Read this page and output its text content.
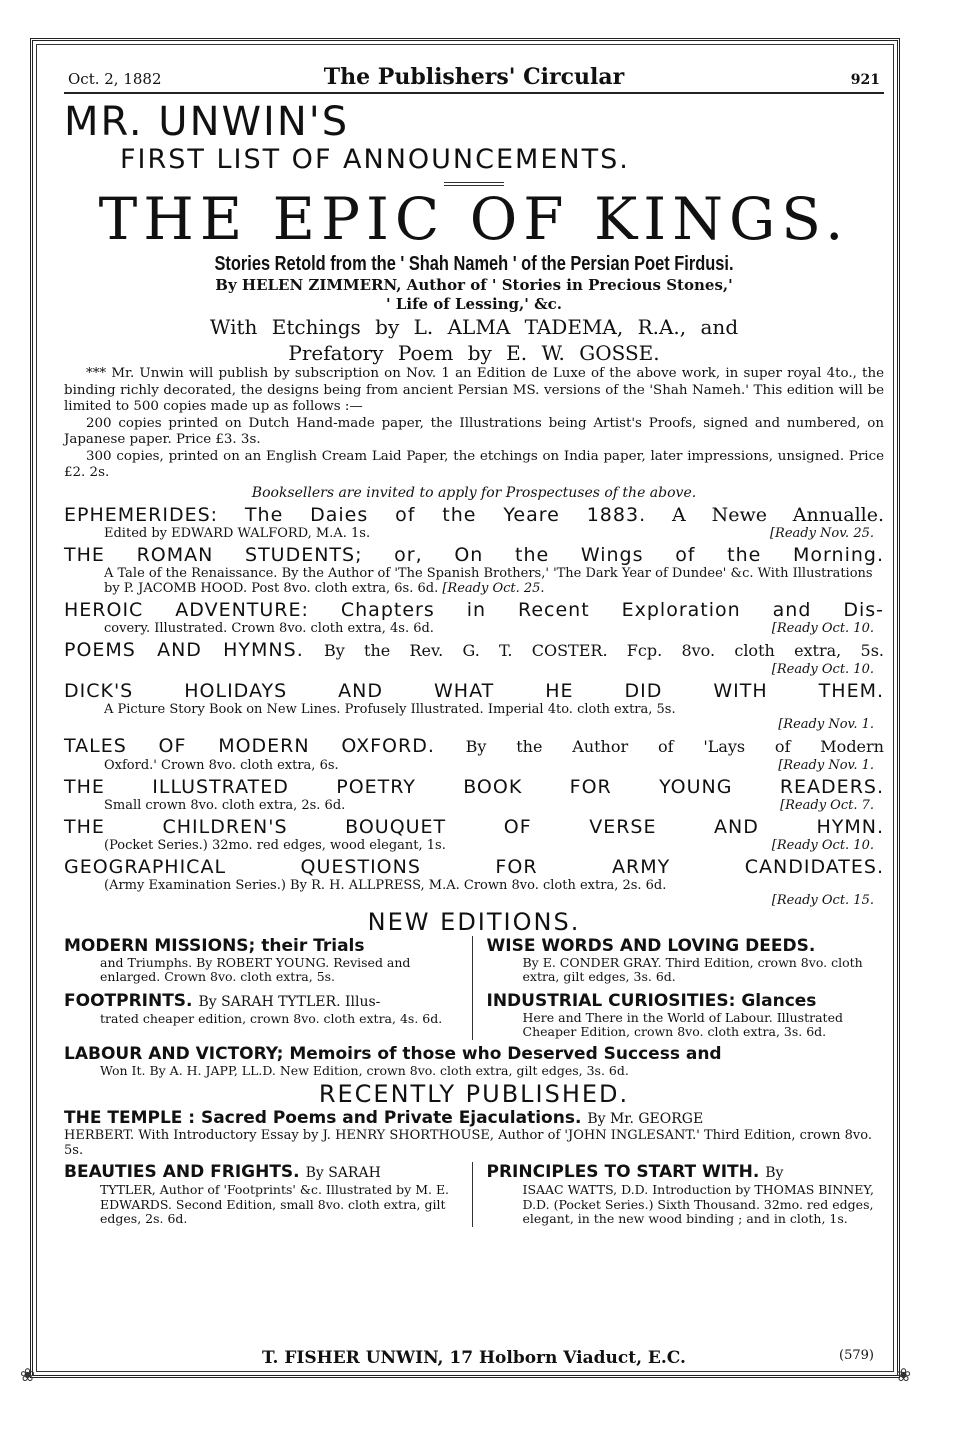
❀	❀
Oct. 2, 1882	The Publishers' Circular	921
MR. UNWIN'S
FIRST LIST OF ANNOUNCEMENTS.
THE EPIC OF KINGS.
Stories Retold from the ' Shah Nameh ' of the Persian Poet Firdusi.
By HELEN ZIMMERN, Author of ' Stories in Precious Stones,'
' Life of Lessing,' &c.
With Etchings by L. ALMA TADEMA, R.A., and
Prefatory Poem by E. W. GOSSE.

*** Mr. Unwin will publish by subscription on Nov. 1 an Edition de Luxe of the above work, in super royal 4to., the binding richly decorated, the designs being from ancient Persian MS. versions of the 'Shah Nameh.' This edition will be limited to 500 copies made up as follows :—

200 copies printed on Dutch Hand-made paper, the Illustrations being Artist's Proofs, signed and numbered, on Japanese paper. Price £3. 3s.

300 copies, printed on an English Cream Laid Paper, the etchings on India paper, later impressions, unsigned. Price £2. 2s.

Booksellers are invited to apply for Prospectuses of the above.
EPHEMERIDES: The Daies of the Yeare 1883. A Newe Annualle.
Edited by EDWARD WALFORD, M.A. 1s.	[Ready Nov. 25.
THE ROMAN STUDENTS; or, On the Wings of the Morning.
A Tale of the Renaissance. By the Author of 'The Spanish Brothers,' 'The Dark Year of Dundee' &c. With Illustrations by P. JACOMB HOOD. Post 8vo. cloth extra, 6s. 6d. [Ready Oct. 25.
HEROIC ADVENTURE: Chapters in Recent Exploration and Dis-
covery. Illustrated. Crown 8vo. cloth extra, 4s. 6d.	[Ready Oct. 10.
POEMS AND HYMNS. By the Rev. G. T. COSTER. Fcp. 8vo. cloth extra, 5s.
[Ready Oct. 10.
DICK'S HOLIDAYS AND WHAT HE DID WITH THEM.
A Picture Story Book on New Lines. Profusely Illustrated. Imperial 4to. cloth extra, 5s.
[Ready Nov. 1.
TALES OF MODERN OXFORD. By the Author of 'Lays of Modern
Oxford.' Crown 8vo. cloth extra, 6s.	[Ready Nov. 1.
THE ILLUSTRATED POETRY BOOK FOR YOUNG READERS.
Small crown 8vo. cloth extra, 2s. 6d.	[Ready Oct. 7.
THE CHILDREN'S BOUQUET OF VERSE AND HYMN.
(Pocket Series.) 32mo. red edges, wood elegant, 1s.	[Ready Oct. 10.
GEOGRAPHICAL QUESTIONS FOR ARMY CANDIDATES.
(Army Examination Series.) By R. H. ALLPRESS, M.A. Crown 8vo. cloth extra, 2s. 6d.
[Ready Oct. 15.
NEW EDITIONS.
MODERN MISSIONS; their Trials
and Triumphs. By ROBERT YOUNG. Revised and enlarged. Crown 8vo. cloth extra, 5s.
FOOTPRINTS. By SARAH TYTLER. Illus-
trated cheaper edition, crown 8vo. cloth extra, 4s. 6d.
WISE WORDS AND LOVING DEEDS.
By E. CONDER GRAY. Third Edition, crown 8vo. cloth extra, gilt edges, 3s. 6d.
INDUSTRIAL CURIOSITIES: Glances
Here and There in the World of Labour. Illustrated Cheaper Edition, crown 8vo. cloth extra, 3s. 6d.
LABOUR AND VICTORY; Memoirs of those who Deserved Success and
Won It. By A. H. JAPP, LL.D. New Edition, crown 8vo. cloth extra, gilt edges, 3s. 6d.
RECENTLY PUBLISHED.
THE TEMPLE : Sacred Poems and Private Ejaculations. By Mr. GEORGE
HERBERT. With Introductory Essay by J. HENRY SHORTHOUSE, Author of 'JOHN INGLESANT.' Third Edition, crown 8vo. 5s.
BEAUTIES AND FRIGHTS. By SARAH
TYTLER, Author of 'Footprints' &c. Illustrated by M. E. EDWARDS. Second Edition, small 8vo. cloth extra, gilt edges, 2s. 6d.
PRINCIPLES TO START WITH. By
ISAAC WATTS, D.D. Introduction by THOMAS BINNEY, D.D. (Pocket Series.) Sixth Thousand. 32mo. red edges, elegant, in the new wood binding ; and in cloth, 1s.
T. FISHER UNWIN, 17 Holborn Viaduct, E.C.	(579)
